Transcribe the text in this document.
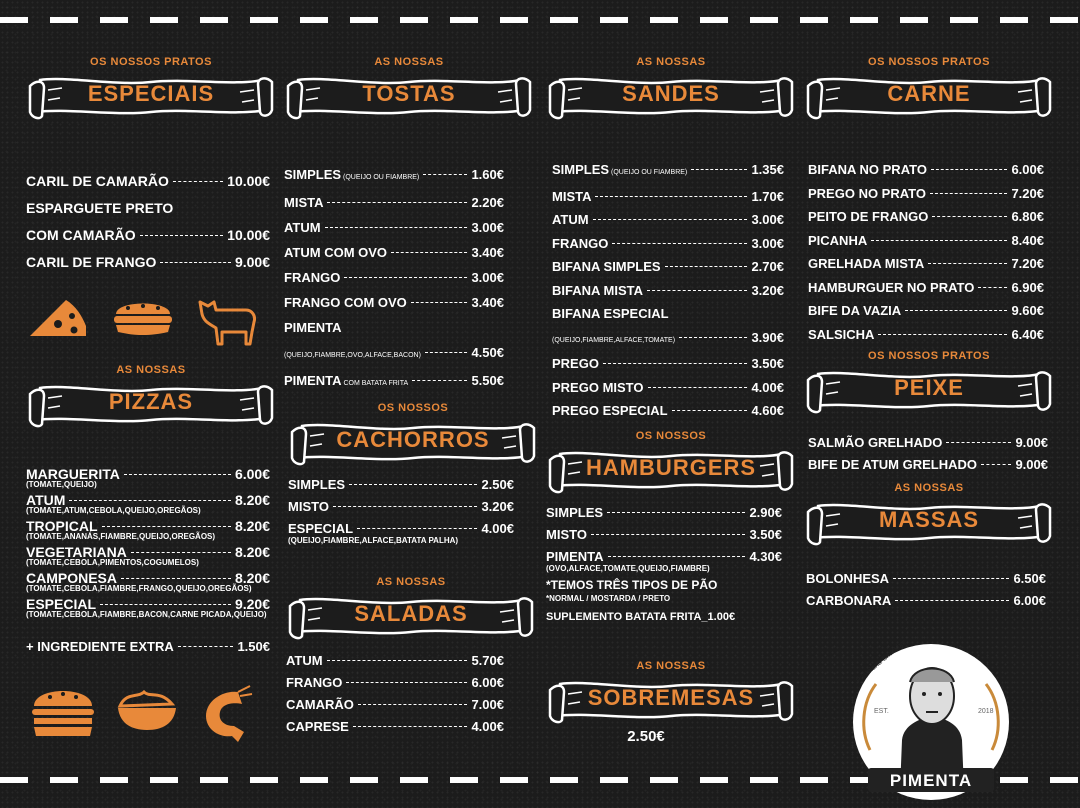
OS NOSSOS PRATOS
ESPECIAIS
CARIL DE CAMARÃO	10.00€
ESPARGUETE PRETO
COM CAMARÃO	10.00€
CARIL DE FRANGO	9.00€
AS NOSSAS
PIZZAS
MARGUERITA	6.00€
(TOMATE,QUEIJO)
ATUM	8.20€
(TOMATE,ATUM,CEBOLA,QUEIJO,OREGÃOS)
TROPICAL	8.20€
(TOMATE,ANANÁS,FIAMBRE,QUEIJO,OREGÃOS)
VEGETARIANA	8.20€
(TOMATE,CEBOLA,PIMENTOS,COGUMELOS)
CAMPONESA	8.20€
(TOMATE,CEBOLA,FIAMBRE,FRANGO,QUEIJO,OREGÃOS)
ESPECIAL	9.20€
(TOMATE,CEBOLA,FIAMBRE,BACON,CARNE PICADA,QUEIJO)
+ INGREDIENTE EXTRA	1.50€
AS NOSSAS
TOSTAS
SIMPLES (QUEIJO OU FIAMBRE)	1.60€
MISTA	2.20€
ATUM	3.00€
ATUM COM OVO	3.40€
FRANGO	3.00€
FRANGO COM OVO	3.40€
PIMENTA
(QUEIJO,FIAMBRE,OVO,ALFACE,BACON)	4.50€
PIMENTA COM BATATA FRITA	5.50€
OS NOSSOS
CACHORROS
SIMPLES	2.50€
MISTO	3.20€
ESPECIAL	4.00€
(QUEIJO,FIAMBRE,ALFACE,BATATA PALHA)
AS NOSSAS
SALADAS
ATUM	5.70€
FRANGO	6.00€
CAMARÃO	7.00€
CAPRESE	4.00€
AS NOSSAS
SANDES
SIMPLES (QUEIJO OU FIAMBRE)	1.35€
MISTA	1.70€
ATUM	3.00€
FRANGO	3.00€
BIFANA SIMPLES	2.70€
BIFANA MISTA	3.20€
BIFANA ESPECIAL
(QUEIJO,FIAMBRE,ALFACE,TOMATE)	3.90€
PREGO	3.50€
PREGO MISTO	4.00€
PREGO ESPECIAL	4.60€
OS NOSSOS
HAMBURGERS
SIMPLES	2.90€
MISTO	3.50€
PIMENTA	4.30€
(OVO,ALFACE,TOMATE,QUEIJO,FIAMBRE)
*TEMOS TRÊS TIPOS DE PÃO
*NORMAL / MOSTARDA / PRETO
SUPLEMENTO BATATA FRITA_1.00€
AS NOSSAS
SOBREMESAS
2.50€
OS NOSSOS PRATOS
CARNE
BIFANA NO PRATO	6.00€
PREGO NO PRATO	7.20€
PEITO DE FRANGO	6.80€
PICANHA	8.40€
GRELHADA MISTA	7.20€
HAMBURGUER NO PRATO	6.90€
BIFE DA VAZIA	9.60€
SALSICHA	6.40€
OS NOSSOS PRATOS
PEIXE
SALMÃO GRELHADO	9.00€
BIFE DE ATUM GRELHADO	9.00€
AS NOSSAS
MASSAS
BOLONHESA	6.50€
CARBONARA	6.00€
PIMENTA
Pastelaria-Snackbar
EST.	2018
